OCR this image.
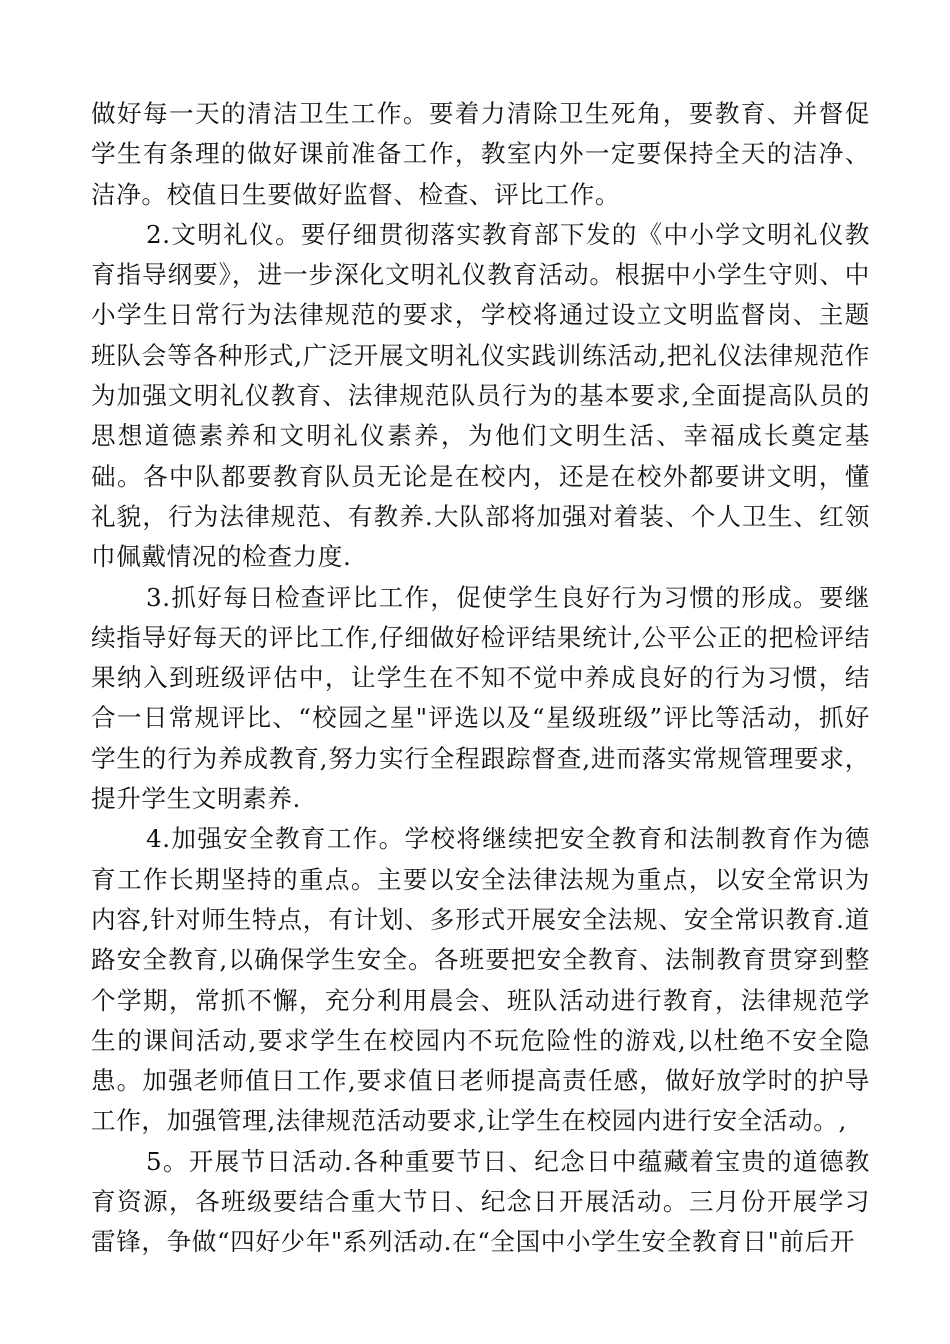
做好每一天的清洁卫生工作。要着力清除卫生死角，要教育、并督促学生有条理的做好课前准备工作，教室内外一定要保持全天的洁净、洁净。校值日生要做好监督、检查、评比工作。

2.文明礼仪。要仔细贯彻落实教育部下发的《中小学文明礼仪教育指导纲要》，进一步深化文明礼仪教育活动。根据中小学生守则、中小学生日常行为法律规范的要求，学校将通过设立文明监督岗、主题班队会等各种形式,广泛开展文明礼仪实践训练活动,把礼仪法律规范作为加强文明礼仪教育、法律规范队员行为的基本要求,全面提高队员的思想道德素养和文明礼仪素养，为他们文明生活、幸福成长奠定基础。各中队都要教育队员无论是在校内，还是在校外都要讲文明，懂礼貌，行为法律规范、有教养.大队部将加强对着装、个人卫生、红领巾佩戴情况的检查力度.

3.抓好每日检查评比工作，促使学生良好行为习惯的形成。要继续指导好每天的评比工作,仔细做好检评结果统计,公平公正的把检评结果纳入到班级评估中，让学生在不知不觉中养成良好的行为习惯，结合一日常规评比、“校园之星"评选以及“星级班级”评比等活动，抓好学生的行为养成教育,努力实行全程跟踪督查,进而落实常规管理要求，提升学生文明素养.

4.加强安全教育工作。学校将继续把安全教育和法制教育作为德育工作长期坚持的重点。主要以安全法律法规为重点，以安全常识为内容,针对师生特点，有计划、多形式开展安全法规、安全常识教育.道路安全教育,以确保学生安全。各班要把安全教育、法制教育贯穿到整个学期，常抓不懈，充分利用晨会、班队活动进行教育，法律规范学生的课间活动,要求学生在校园内不玩危险性的游戏,以杜绝不安全隐患。加强老师值日工作,要求值日老师提高责任感，做好放学时的护导工作，加强管理,法律规范活动要求,让学生在校园内进行安全活动。,

5。开展节日活动.各种重要节日、纪念日中蕴藏着宝贵的道德教育资源，各班级要结合重大节日、纪念日开展活动。三月份开展学习雷锋，争做“四好少年"系列活动.在“全国中小学生安全教育日"前后开
